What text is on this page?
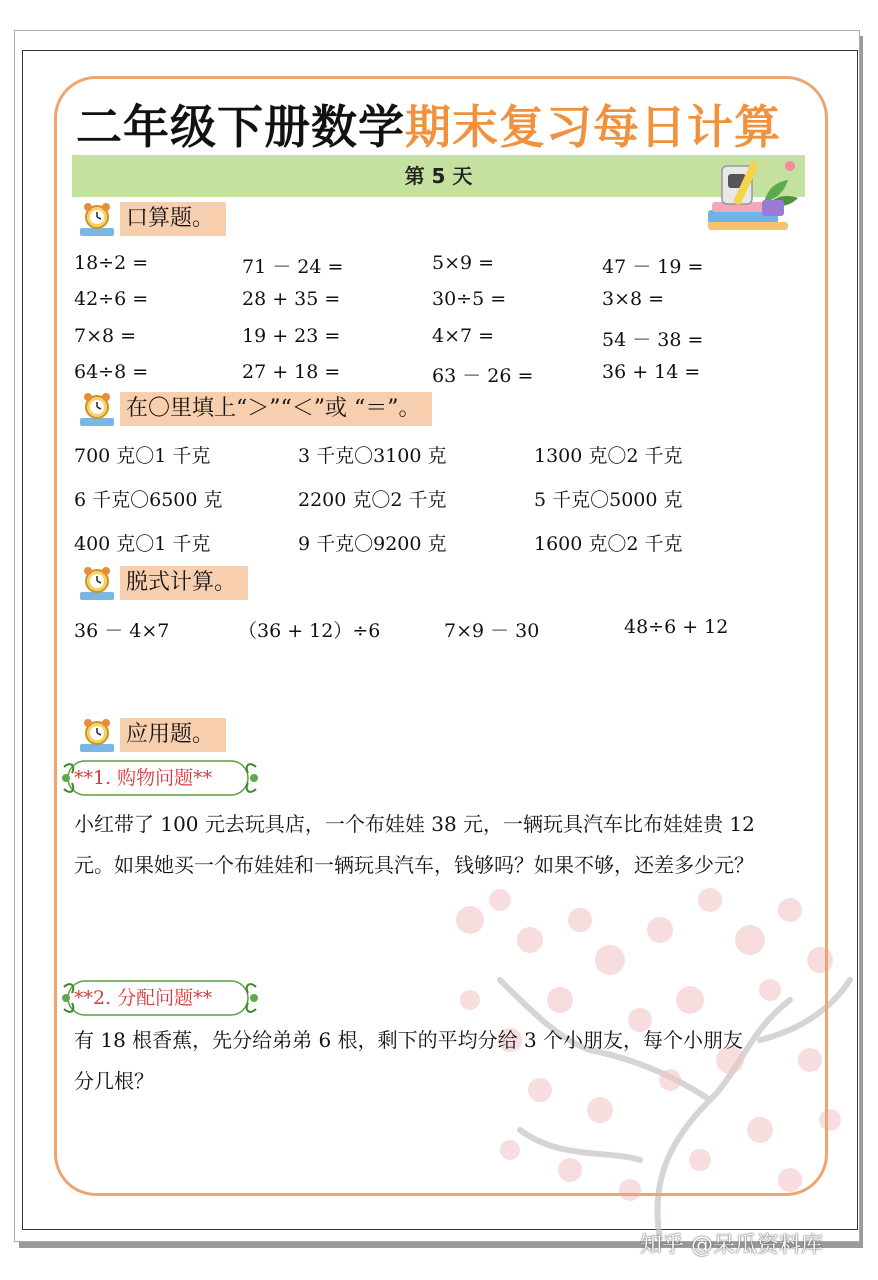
二年级下册数学期末复习每日计算
第 5 天
口算题。
18÷2 =	71 － 24 =	5×9 =	47 － 19 =
42÷6 =	28 + 35 =	30÷5 =	3×8 =
7×8 =	19 + 23 =	4×7 =	54 － 38 =
64÷8 =	27 + 18 =	63 － 26 =	36 + 14 =
在〇里填上“＞”“＜”或 “＝”。
700 克〇1 千克	3 千克〇3100 克	1300 克〇2 千克
6 千克〇6500 克	2200 克〇2 千克	5 千克〇5000 克
400 克〇1 千克	9 千克〇9200 克	1600 克〇2 千克
脱式计算。
36 － 4×7	（36 + 12）÷6	7×9 － 30	48÷6 + 12
应用题。
**1. 购物问题**
小红带了 100 元去玩具店，一个布娃娃 38 元，一辆玩具汽车比布娃娃贵 12
元。如果她买一个布娃娃和一辆玩具汽车，钱够吗？如果不够，还差多少元？
**2. 分配问题**
有 18 根香蕉，先分给弟弟 6 根，剩下的平均分给 3 个小朋友，每个小朋友
分几根？
知乎 @呆瓜资料库
